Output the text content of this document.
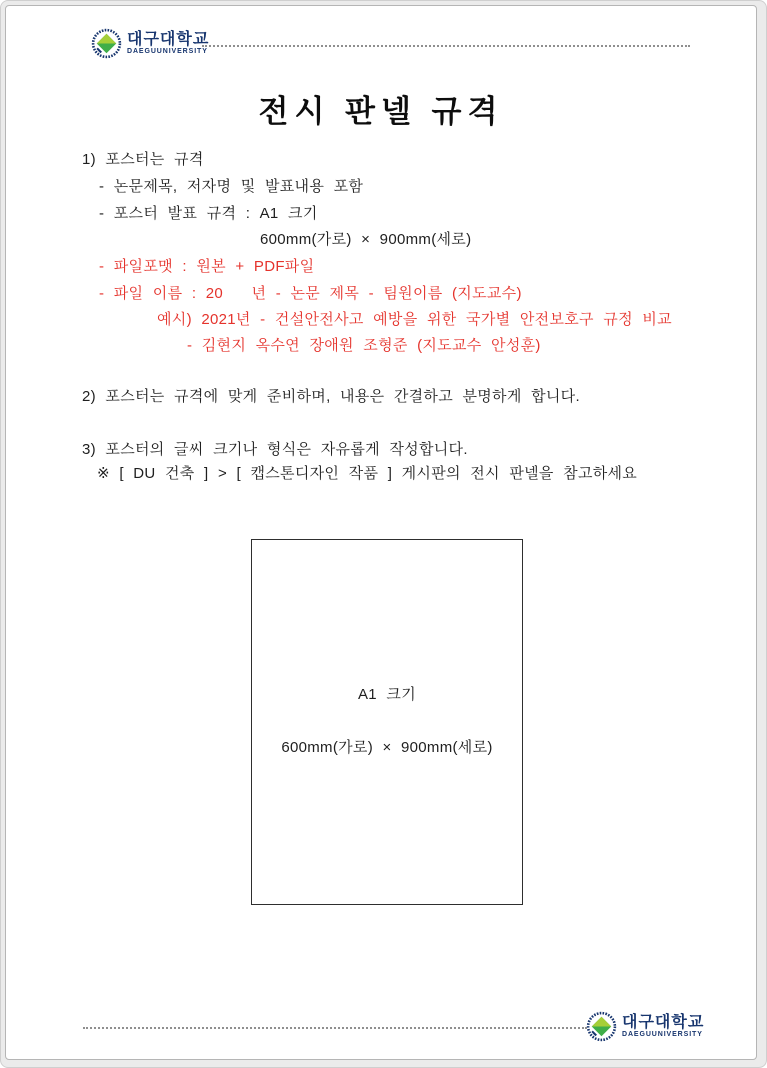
대구대학교
DAEGUUNIVERSITY
전시 판넬 규격
1) 포스터는 규격
- 논문제목, 저자명 및 발표내용 포함
- 포스터 발표 규격 : A1 크기
600mm(가로) × 900mm(세로)
- 파일포맷 : 원본 + PDF파일
- 파일 이름 : 20   년 - 논문 제목 - 팀원이름 (지도교수)
예시) 2021년 - 건설안전사고 예방을 위한 국가별 안전보호구 규정 비교
- 김현지 옥수연 장애원 조형준 (지도교수 안성훈)
2) 포스터는 규격에 맞게 준비하며, 내용은 간결하고 분명하게 합니다.
3) 포스터의 글씨 크기나 형식은 자유롭게 작성합니다.
※ [ DU 건축 ] > [ 캡스톤디자인 작품 ] 게시판의 전시 판넬을 참고하세요
A1 크기
600mm(가로) × 900mm(세로)
대구대학교
DAEGUUNIVERSITY
